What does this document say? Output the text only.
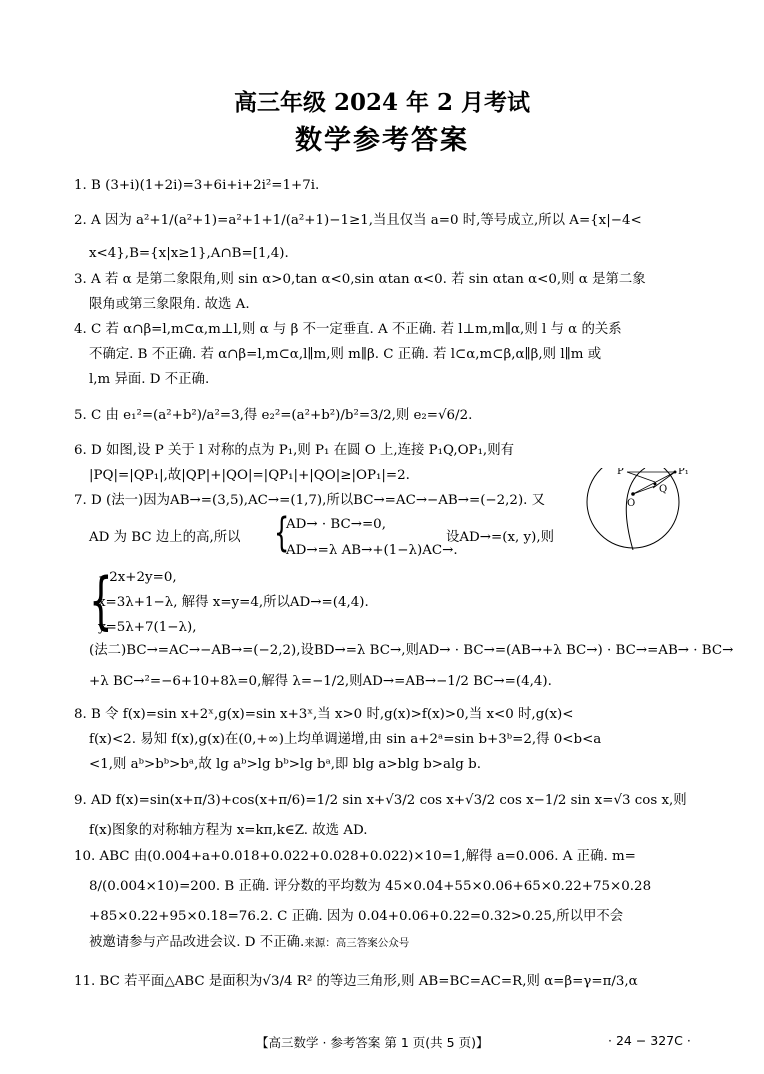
高三年级 2024 年 2 月考试
数学参考答案
1. B (3+i)(1+2i)=3+6i+i+2i²=1+7i.
2. A 因为 a²+1/(a²+1)=a²+1+1/(a²+1)−1≥1,当且仅当 a=0 时,等号成立,所以 A={x|−4<
x<4},B={x|x≥1},A∩B=[1,4).
3. A 若 α 是第二象限角,则 sin α>0,tan α<0,sin αtan α<0. 若 sin αtan α<0,则 α 是第二象
限角或第三象限角. 故选 A.
4. C 若 α∩β=l,m⊂α,m⊥l,则 α 与 β 不一定垂直. A 不正确. 若 l⊥m,m∥α,则 l 与 α 的关系
不确定. B 不正确. 若 α∩β=l,m⊂α,l∥m,则 m∥β. C 正确. 若 l⊂α,m⊂β,α∥β,则 l∥m 或
l,m 异面. D 不正确.
5. C 由 e₁²=(a²+b²)/a²=3,得 e₂²=(a²+b²)/b²=3/2,则 e₂=√6/2.
6. D 如图,设 P 关于 l 对称的点为 P₁,则 P₁ 在圆 O 上,连接 P₁Q,OP₁,则有
|PQ|=|QP₁|,故|QP|+|QO|=|QP₁|+|QO|≥|OP₁|=2.	P₁
P
Q
O
7. D (法一)因为AB→=(3,5),AC→=(1,7),所以BC→=AC→−AB→=(−2,2). 又
AD 为 BC 边上的高,所以 {
AD→ · BC→=0,
AD→=λ AB→+(1−λ)AC→.
设AD→=(x, y),则
{
−2x+2y=0,
x=3λ+1−λ, 解得 x=y=4,所以AD→=(4,4).
y=5λ+7(1−λ),
(法二)BC→=AC→−AB→=(−2,2),设BD→=λ BC→,则AD→ · BC→=(AB→+λ BC→) · BC→=AB→ · BC→
+λ BC→²=−6+10+8λ=0,解得 λ=−1/2,则AD→=AB→−1/2 BC→=(4,4).
8. B 令 f(x)=sin x+2ˣ,g(x)=sin x+3ˣ,当 x>0 时,g(x)>f(x)>0,当 x<0 时,g(x)<
f(x)<2. 易知 f(x),g(x)在(0,+∞)上均单调递增,由 sin a+2ᵃ=sin b+3ᵇ=2,得 0<b<a
<1,则 aᵇ>bᵇ>bᵃ,故 lg aᵇ>lg bᵇ>lg bᵃ,即 blg a>blg b>alg b.
9. AD f(x)=sin(x+π/3)+cos(x+π/6)=1/2 sin x+√3/2 cos x+√3/2 cos x−1/2 sin x=√3 cos x,则
f(x)图象的对称轴方程为 x=kπ,k∈Z. 故选 AD.
10. ABC 由(0.004+a+0.018+0.022+0.028+0.022)×10=1,解得 a=0.006. A 正确. m=
8/(0.004×10)=200. B 正确. 评分数的平均数为 45×0.04+55×0.06+65×0.22+75×0.28
+85×0.22+95×0.18=76.2. C 正确. 因为 0.04+0.06+0.22=0.32>0.25,所以甲不会
被邀请参与产品改进会议. D 不正确.来源：高三答案公众号
11. BC 若平面△ABC 是面积为√3/4 R² 的等边三角形,则 AB=BC=AC=R,则 α=β=γ=π/3,α
【高三数学 · 参考答案 第 1 页(共 5 页)】	· 24 − 327C ·
